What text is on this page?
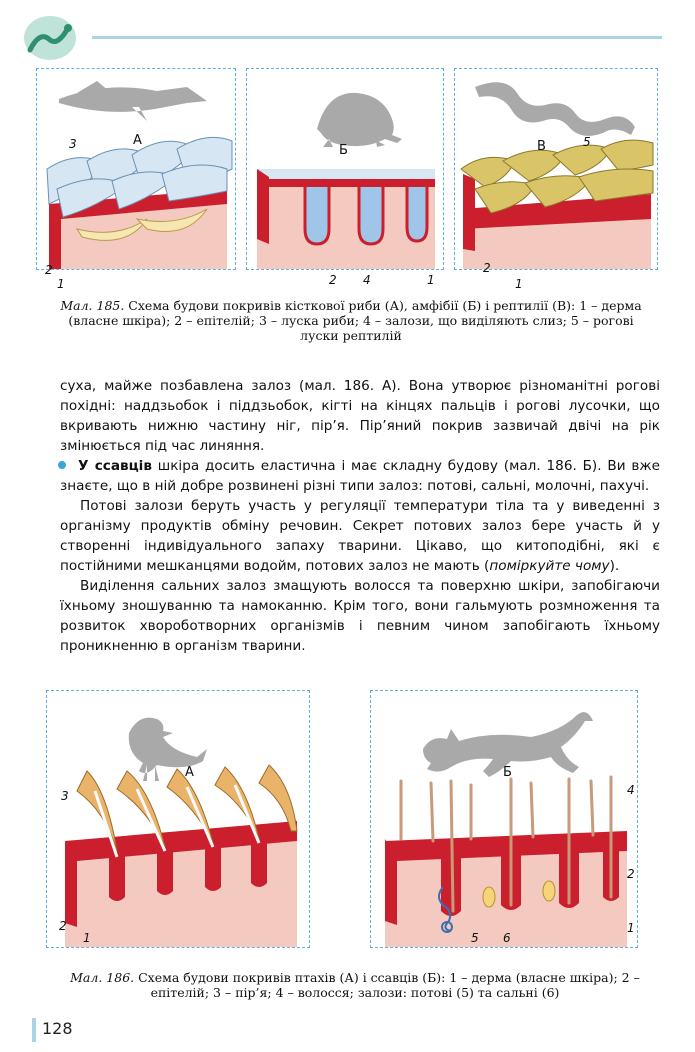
А
3
2
1
Б
2 4	1
В	5
2
1
Мал. 185. Схема будови покривів кісткової риби (А), амфібії (Б) і рептилії (В): 1 – дерма (власне шкіра); 2 – епітелій; 3 – луска риби; 4 – залози, що виділяють слиз; 5 – рогові луски рептилій

суха, майже позбавлена залоз (мал. 186. А). Вона утворює різноманітні рогові похідні: наддзьобок і піддзьобок, кігті на кінцях пальців і рогові лусочки, що вкривають нижню частину ніг, пір’я. Пір’яний покрив зазвичай двічі на рік змінюється під час линяння.

У ссавців шкіра досить еластична і має складну будову (мал. 186. Б). Ви вже знаєте, що в ній добре розвинені різні типи залоз: потові, сальні, молочні, пахучі.

Потові залози беруть участь у регуляції температури тіла та у виведенні з організму продуктів обміну речовин. Секрет потових залоз бере участь й у створенні індивідуального запаху тварини. Цікаво, що китоподібні, які є постійними мешканцями водойм, потових залоз не мають (поміркуйте чому).

Виділення сальних залоз змащують волосся та поверхню шкіри, запобігаючи їхньому зношуванню та намоканню. Крім того, вони гальмують розмноження та розвиток хвороботворних організмів і певним чином запобігають їхньому проникненню в організм тварини.

А
3
2
1
Б
4
2
5 6
1
Мал. 186. Схема будови покривів птахів (А) і ссавців (Б): 1 – дерма (власне шкіра); 2 – епітелій; 3 – пір’я; 4 – волосся; залози: потові (5) та сальні (6)
128
